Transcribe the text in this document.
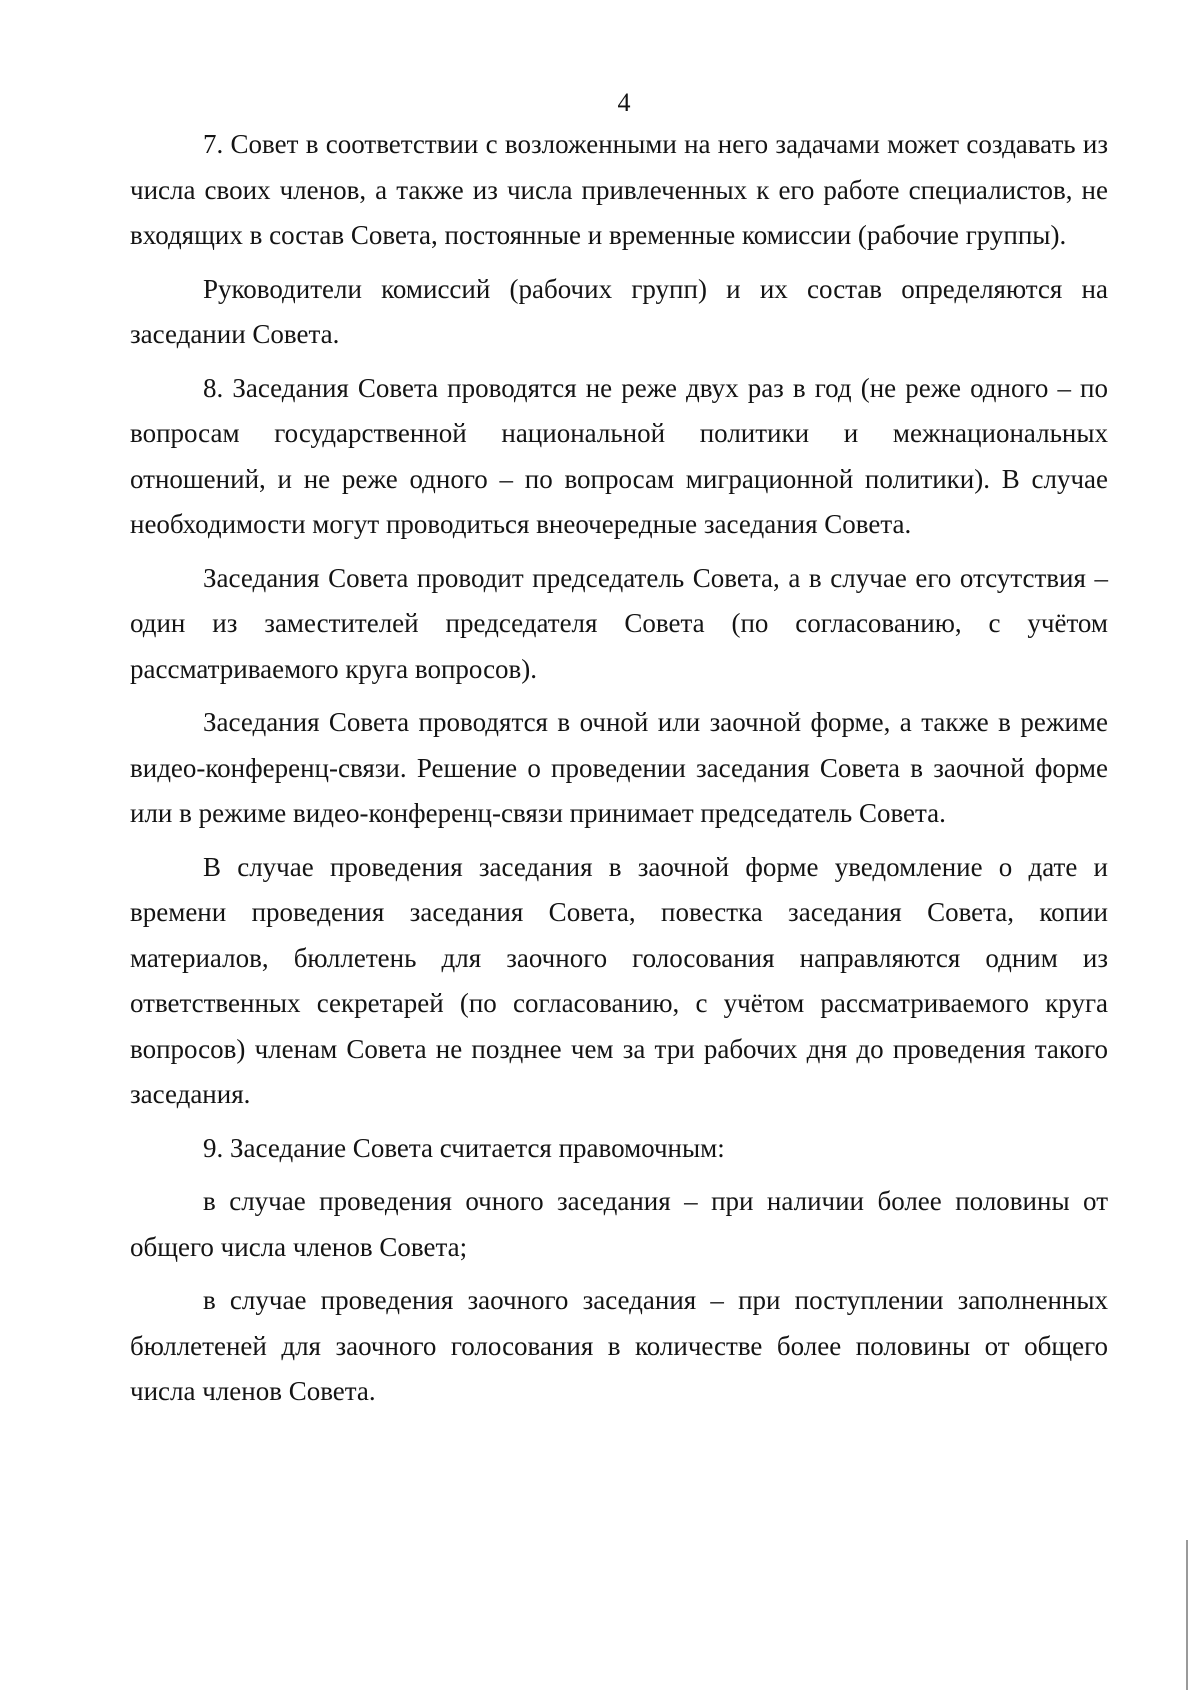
4

7. Совет в соответствии с возложенными на него задачами может создавать из числа своих членов, а также из числа привлеченных к его работе специалистов, не входящих в состав Совета, постоянные и временные комиссии (рабочие группы).

Руководители комиссий (рабочих групп) и их состав определяются на заседании Совета.

8. Заседания Совета проводятся не реже двух раз в год (не реже одного – по вопросам государственной национальной политики и межнациональных отношений, и не реже одного – по вопросам миграционной политики). В случае необходимости могут проводиться внеочередные заседания Совета.

Заседания Совета проводит председатель Совета, а в случае его отсутствия – один из заместителей председателя Совета (по согласованию, с учётом рассматриваемого круга вопросов).

Заседания Совета проводятся в очной или заочной форме, а также в режиме видео-конференц-связи. Решение о проведении заседания Совета в заочной форме или в режиме видео-конференц-связи принимает председатель Совета.

В случае проведения заседания в заочной форме уведомление о дате и времени проведения заседания Совета, повестка заседания Совета, копии материалов, бюллетень для заочного голосования направляются одним из ответственных секретарей (по согласованию, с учётом рассматриваемого круга вопросов) членам Совета не позднее чем за три рабочих дня до проведения такого заседания.

9. Заседание Совета считается правомочным:

в случае проведения очного заседания – при наличии более половины от общего числа членов Совета;

в случае проведения заочного заседания – при поступлении заполненных бюллетеней для заочного голосования в количестве более половины от общего числа членов Совета.
